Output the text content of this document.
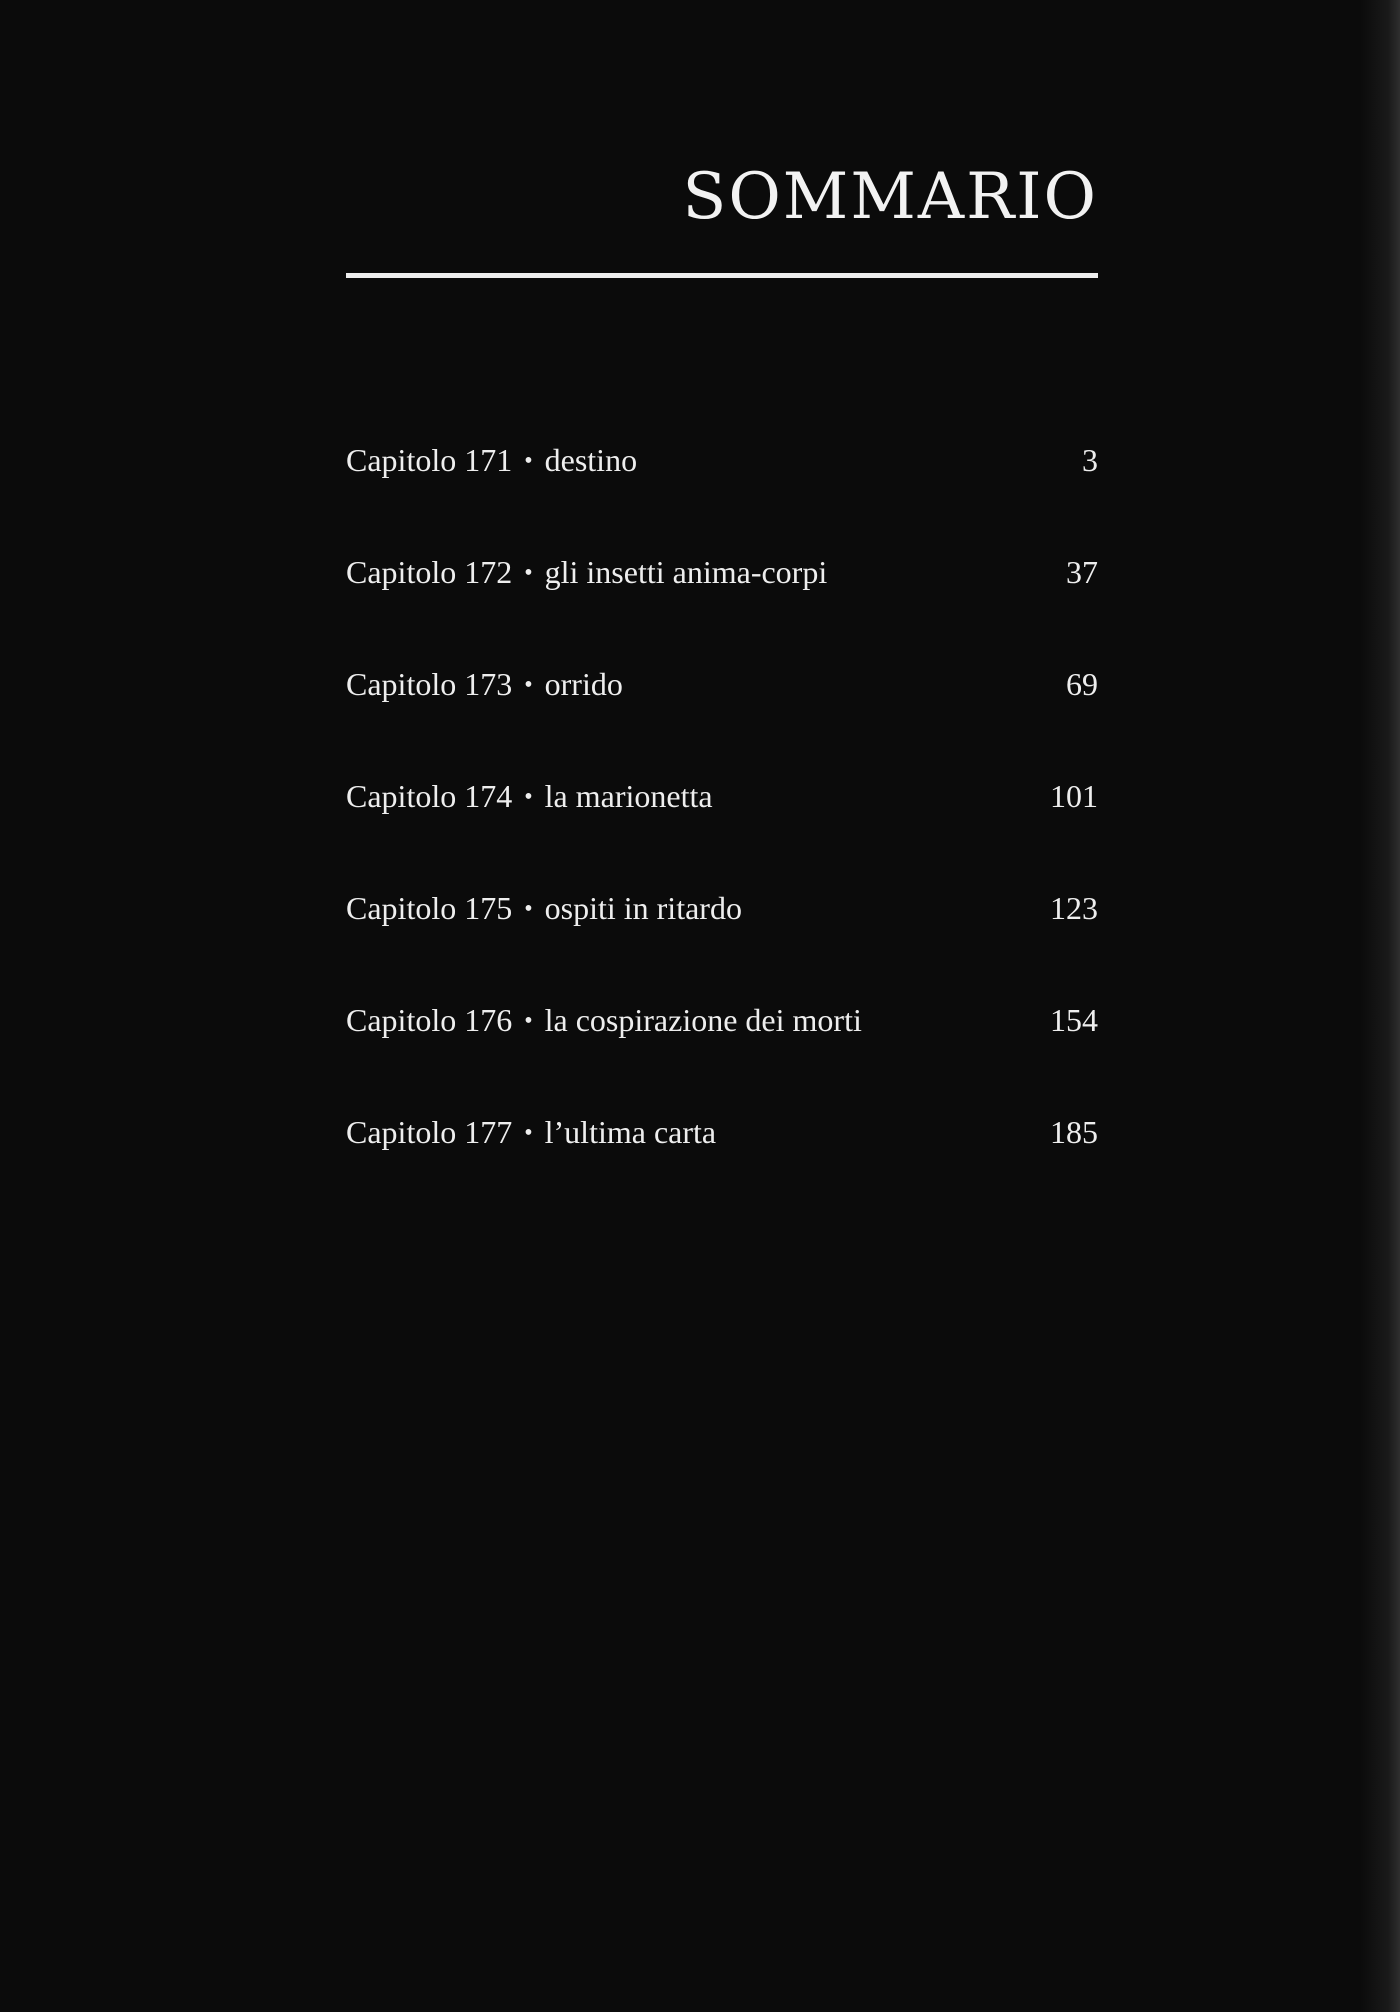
SOMMARIO
Capitolo 171 • destino	3
Capitolo 172 • gli insetti anima-corpi	37
Capitolo 173 • orrido	69
Capitolo 174 • la marionetta	101
Capitolo 175 • ospiti in ritardo	123
Capitolo 176 • la cospirazione dei morti	154
Capitolo 177 • l’ultima carta	185
